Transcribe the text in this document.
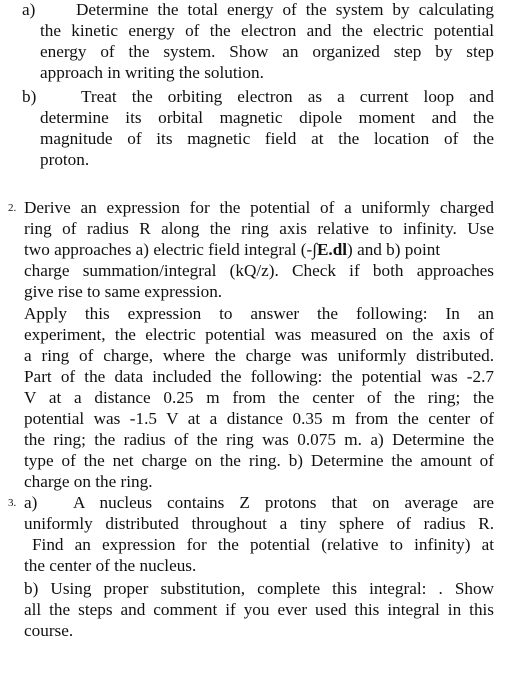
a) Determine the total energy of the system by calculating
the kinetic energy of the electron and the electric potential
energy of the system. Show an organized step by step
approach in writing the solution.
b)	Treat the orbiting electron as a current loop and
determine its orbital magnetic dipole moment and the
magnitude of its magnetic field at the location of the
proton.
2. Derive an expression for the potential of a uniformly charged
ring of radius R along the ring axis relative to infinity. Use
two approaches a) electric field integral (-∫E.dl) and b) point
charge summation/integral (kQ/z). Check if both approaches
give rise to same expression.
Apply this expression to answer the following: In an
experiment, the electric potential was measured on the axis of
a ring of charge, where the charge was uniformly distributed.
Part of the data included the following: the potential was -2.7
V at a distance 0.25 m from the center of the ring; the
potential was -1.5 V at a distance 0.35 m from the center of
the ring; the radius of the ring was 0.075 m. a) Determine the
type of the net charge on the ring. b) Determine the amount of
charge on the ring.
3. a) A nucleus contains Z protons that on average are
uniformly distributed throughout a tiny sphere of radius R.
Find an expression for the potential (relative to infinity) at
the center of the nucleus.
b) Using proper substitution, complete this integral: . Show
all the steps and comment if you ever used this integral in this
course.
